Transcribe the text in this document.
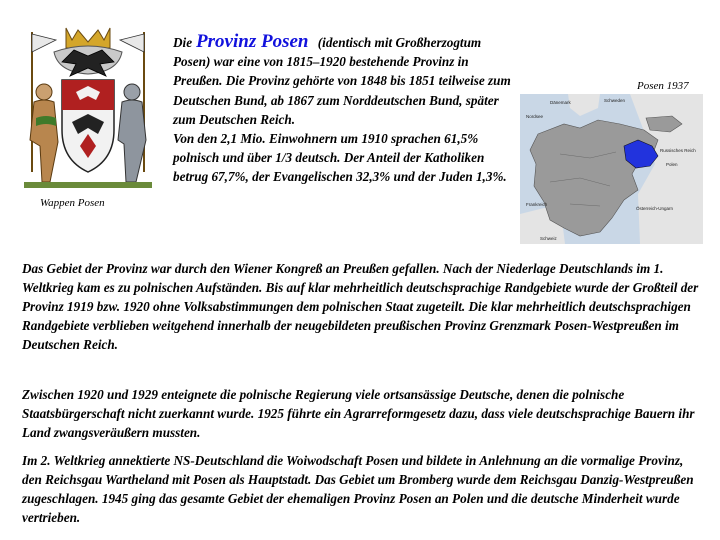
Wappen Posen
Die Provinz Posen (identisch mit Großherzogtum Posen) war eine von 1815–1920 bestehende Provinz in Preußen. Die Provinz gehörte von 1848 bis 1851 teilweise zum Deutschen Bund, ab 1867 zum Norddeutschen Bund, später zum Deutschen Reich.
Von den 2,1 Mio. Einwohnern um 1910 sprachen 61,5% polnisch und über 1/3 deutsch. Der Anteil der Katholiken betrug 67,7%, der Evangelischen 32,3% und der Juden 1,3%.
Posen 1937
Nordsee
Dänemark	Schweden
Russisches Reich
Polen
Österreich-Ungarn
Frankreich
Schweiz

Das Gebiet der Provinz war durch den Wiener Kongreß an Preußen gefallen. Nach der Niederlage Deutschlands im 1. Weltkrieg kam es zu polnischen Aufständen. Bis auf klar mehrheitlich deutschsprachige Randgebiete wurde der Großteil der Provinz 1919 bzw. 1920 ohne Volksabstimmungen dem polnischen Staat zugeteilt. Die klar mehrheitlich deutschsprachigen Randgebiete verblieben weitgehend innerhalb der neugebildeten preußischen Provinz Grenzmark Posen-Westpreußen im Deutschen Reich.

Zwischen 1920 und 1929 enteignete die polnische Regierung viele ortsansässige Deutsche, denen die polnische Staatsbürgerschaft nicht zuerkannt wurde. 1925 führte ein Agrarreformgesetz dazu, dass viele deutschsprachige Bauern ihr Land zwangsveräußern mussten.

Im 2. Weltkrieg annektierte NS-Deutschland die Woiwodschaft Posen und bildete in Anlehnung an die vormalige Provinz, den Reichsgau Wartheland mit Posen als Hauptstadt. Das Gebiet um Bromberg wurde dem Reichsgau Danzig-Westpreußen zugeschlagen. 1945 ging das gesamte Gebiet der ehemaligen Provinz Posen an Polen und die deutsche Minderheit wurde vertrieben.
